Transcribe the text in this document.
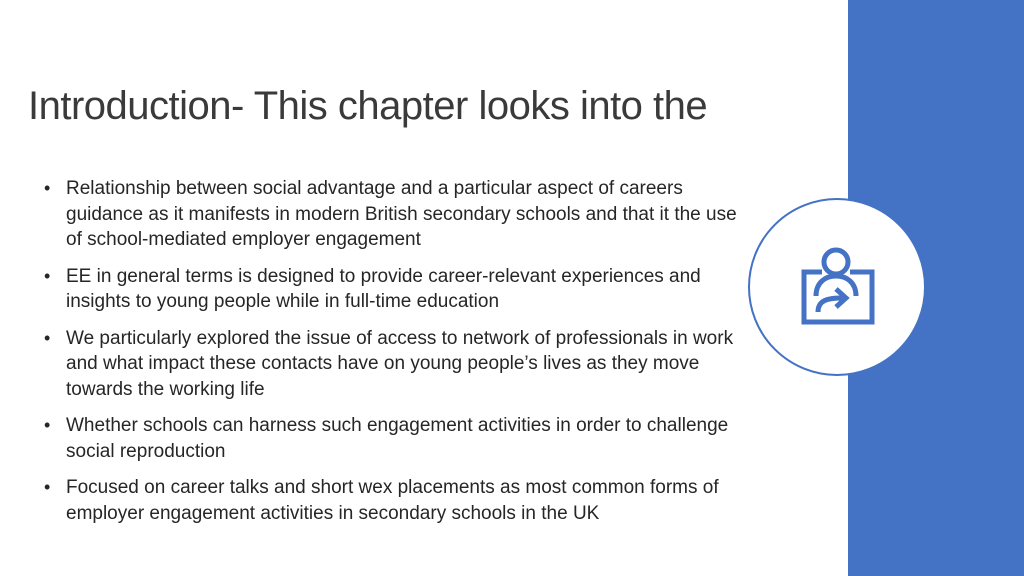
Introduction- This chapter looks into the
• Relationship between social advantage and a particular aspect of careers guidance as it manifests in modern British secondary schools and that it the use of school-mediated employer engagement
• EE in general terms is designed to provide career-relevant experiences and insights to young people while in full-time education
• We particularly explored the issue of access to network of professionals in work and what impact these contacts have on young people’s lives as they move towards the working life
• Whether schools can harness such engagement activities in order to challenge social reproduction
• Focused on career talks and short wex placements as most common forms of employer engagement activities in secondary schools in the UK
